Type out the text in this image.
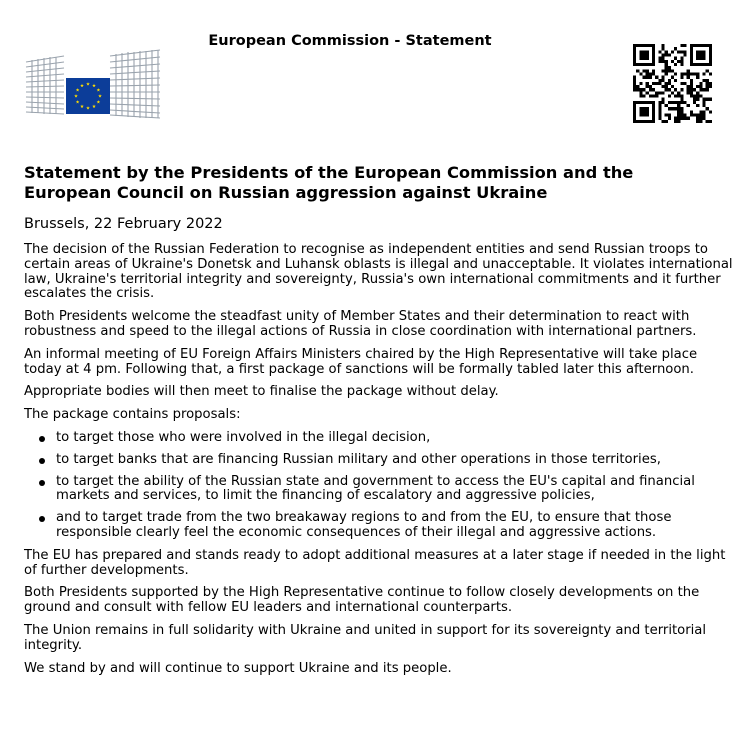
European Commission - Statement
Statement by the Presidents of the European Commission and the European Council on Russian aggression against Ukraine
Brussels, 22 February 2022

The decision of the Russian Federation to recognise as independent entities and send Russian troops to certain areas of Ukraine's Donetsk and Luhansk oblasts is illegal and unacceptable. It violates international law, Ukraine's territorial integrity and sovereignty, Russia's own international commitments and it further escalates the crisis.

Both Presidents welcome the steadfast unity of Member States and their determination to react with robustness and speed to the illegal actions of Russia in close coordination with international partners.

An informal meeting of EU Foreign Affairs Ministers chaired by the High Representative will take place today at 4 pm. Following that, a first package of sanctions will be formally tabled later this afternoon.

Appropriate bodies will then meet to finalise the package without delay.

The package contains proposals:

to target those who were involved in the illegal decision,
to target banks that are financing Russian military and other operations in those territories,
to target the ability of the Russian state and government to access the EU's capital and financial markets and services, to limit the financing of escalatory and aggressive policies,
and to target trade from the two breakaway regions to and from the EU, to ensure that those responsible clearly feel the economic consequences of their illegal and aggressive actions.

The EU has prepared and stands ready to adopt additional measures at a later stage if needed in the light of further developments.

Both Presidents supported by the High Representative continue to follow closely developments on the ground and consult with fellow EU leaders and international counterparts.

The Union remains in full solidarity with Ukraine and united in support for its sovereignty and territorial integrity.

We stand by and will continue to support Ukraine and its people.
